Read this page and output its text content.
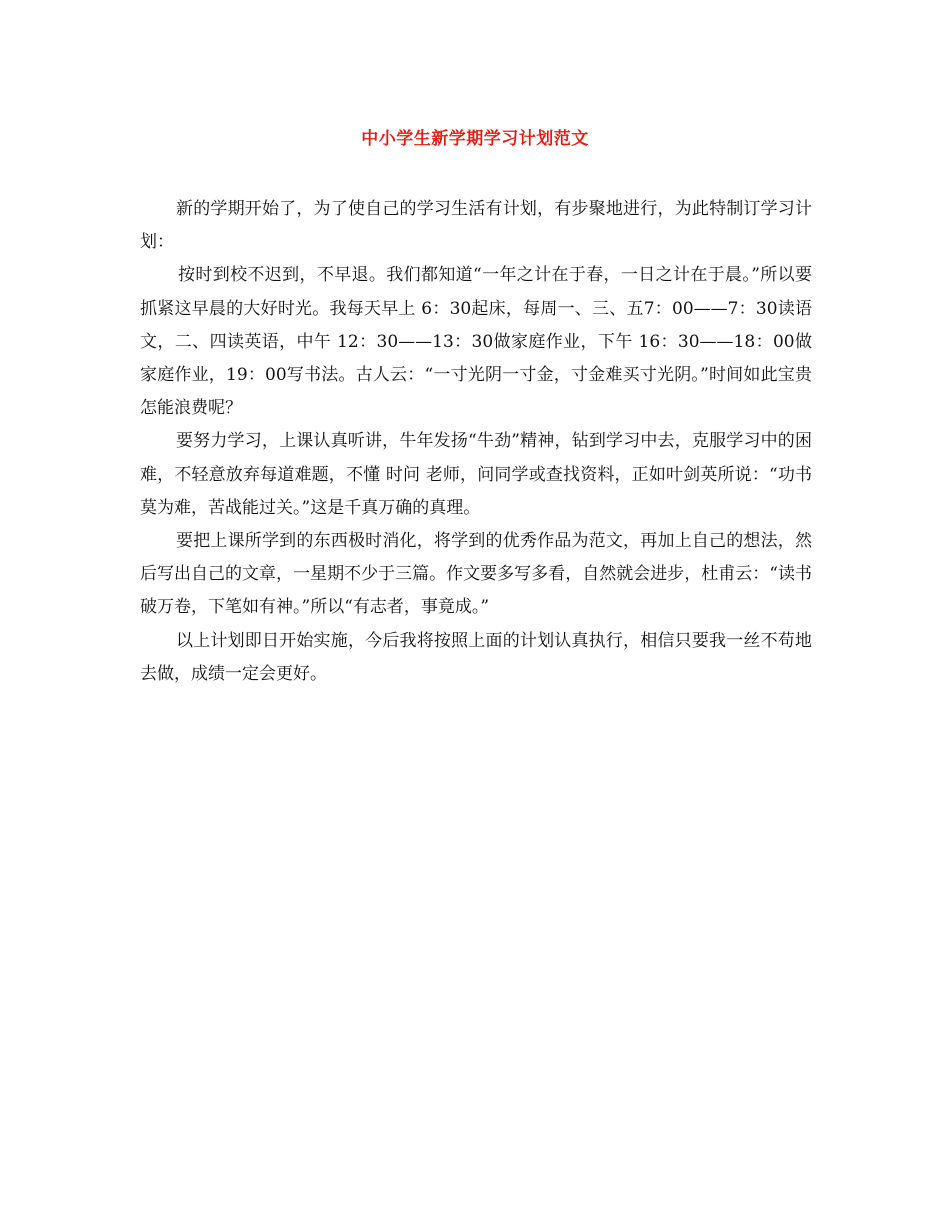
中小学生新学期学习计划范文

新的学期开始了，为了使自己的学习生活有计划，有步聚地进行，为此特制订学习计划：

按时到校不迟到，不早退。我们都知道“一年之计在于春，一日之计在于晨。”所以要抓紧这早晨的大好时光。我每天早上 6：30起床，每周一、三、五7：00——7：30读语文，二、四读英语，中午 12：30——13：30做家庭作业，下午 16：30——18：00做家庭作业，19：00写书法。古人云：“一寸光阴一寸金，寸金难买寸光阴。”时间如此宝贵怎能浪费呢？

要努力学习，上课认真听讲，牛年发扬“牛劲”精神，钻到学习中去，克服学习中的困难，不轻意放弃每道难题，不懂 时问 老师，问同学或查找资料，正如叶剑英所说：“功书莫为难，苦战能过关。”这是千真万确的真理。

要把上课所学到的东西极时消化，将学到的优秀作品为范文，再加上自己的想法，然后写出自己的文章，一星期不少于三篇。作文要多写多看，自然就会进步，杜甫云：“读书破万卷，下笔如有神。”所以“有志者，事竟成。”

以上计划即日开始实施，今后我将按照上面的计划认真执行，相信只要我一丝不苟地去做，成绩一定会更好。
